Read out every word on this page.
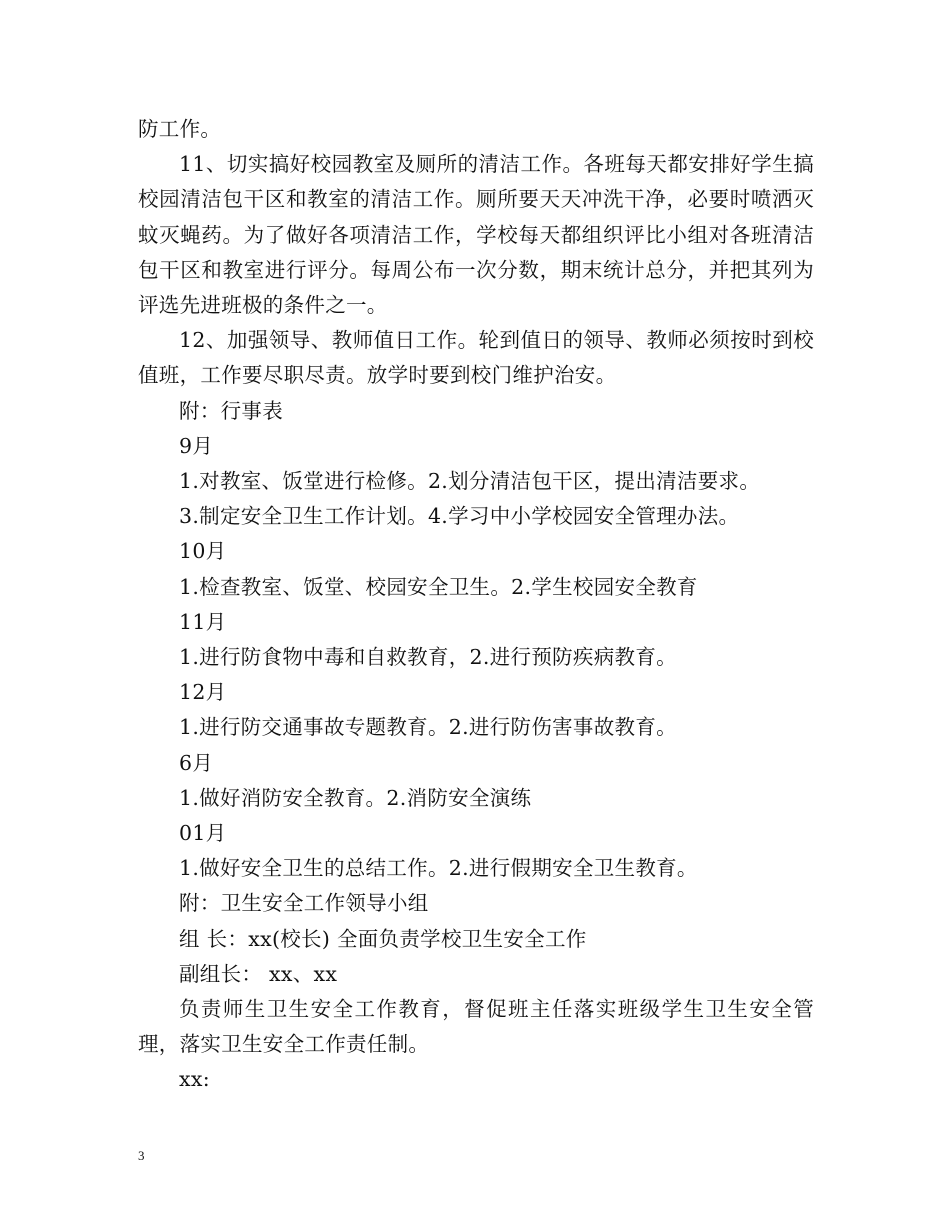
防工作。

11、切实搞好校园教室及厕所的清洁工作。各班每天都安排好学生搞校园清洁包干区和教室的清洁工作。厕所要天天冲洗干净，必要时喷洒灭蚊灭蝇药。为了做好各项清洁工作，学校每天都组织评比小组对各班清洁包干区和教室进行评分。每周公布一次分数，期末统计总分，并把其列为评选先进班极的条件之一。

12、加强领导、教师值日工作。轮到值日的领导、教师必须按时到校值班，工作要尽职尽责。放学时要到校门维护治安。

附：行事表

9月

1.对教室、饭堂进行检修。2.划分清洁包干区，提出清洁要求。

3.制定安全卫生工作计划。4.学习中小学校园安全管理办法。

10月

1.检查教室、饭堂、校园安全卫生。2.学生校园安全教育

11月

1.进行防食物中毒和自救教育，2.进行预防疾病教育。

12月

1.进行防交通事故专题教育。2.进行防伤害事故教育。

6月

1.做好消防安全教育。2.消防安全演练

01月

1.做好安全卫生的总结工作。2.进行假期安全卫生教育。

附：卫生安全工作领导小组

组 长：xx(校长) 全面负责学校卫生安全工作

副组长： xx、xx

负责师生卫生安全工作教育，督促班主任落实班级学生卫生安全管理，落实卫生安全工作责任制。

xx:

3
